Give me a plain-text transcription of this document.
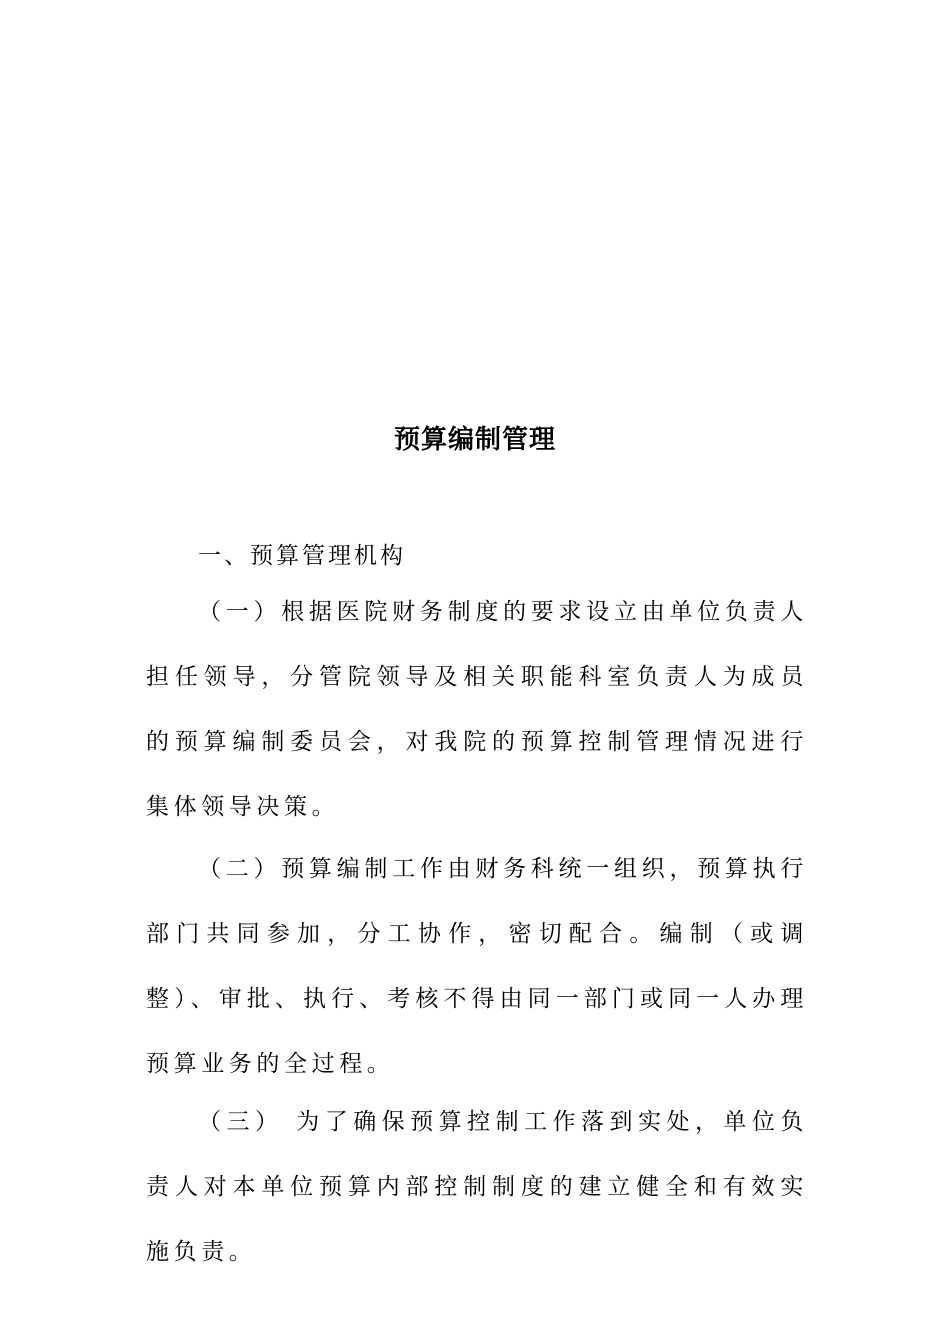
预算编制管理

一、预算管理机构

（一）根据医院财务制度的要求设立由单位负责人担任领导，分管院领导及相关职能科室负责人为成员的预算编制委员会，对我院的预算控制管理情况进行集体领导决策。

（二）预算编制工作由财务科统一组织，预算执行部门共同参加，分工协作，密切配合。编制（或调整）、审批、执行、考核不得由同一部门或同一人办理预算业务的全过程。

（三） 为了确保预算控制工作落到实处，单位负责人对本单位预算内部控制制度的建立健全和有效实施负责。
